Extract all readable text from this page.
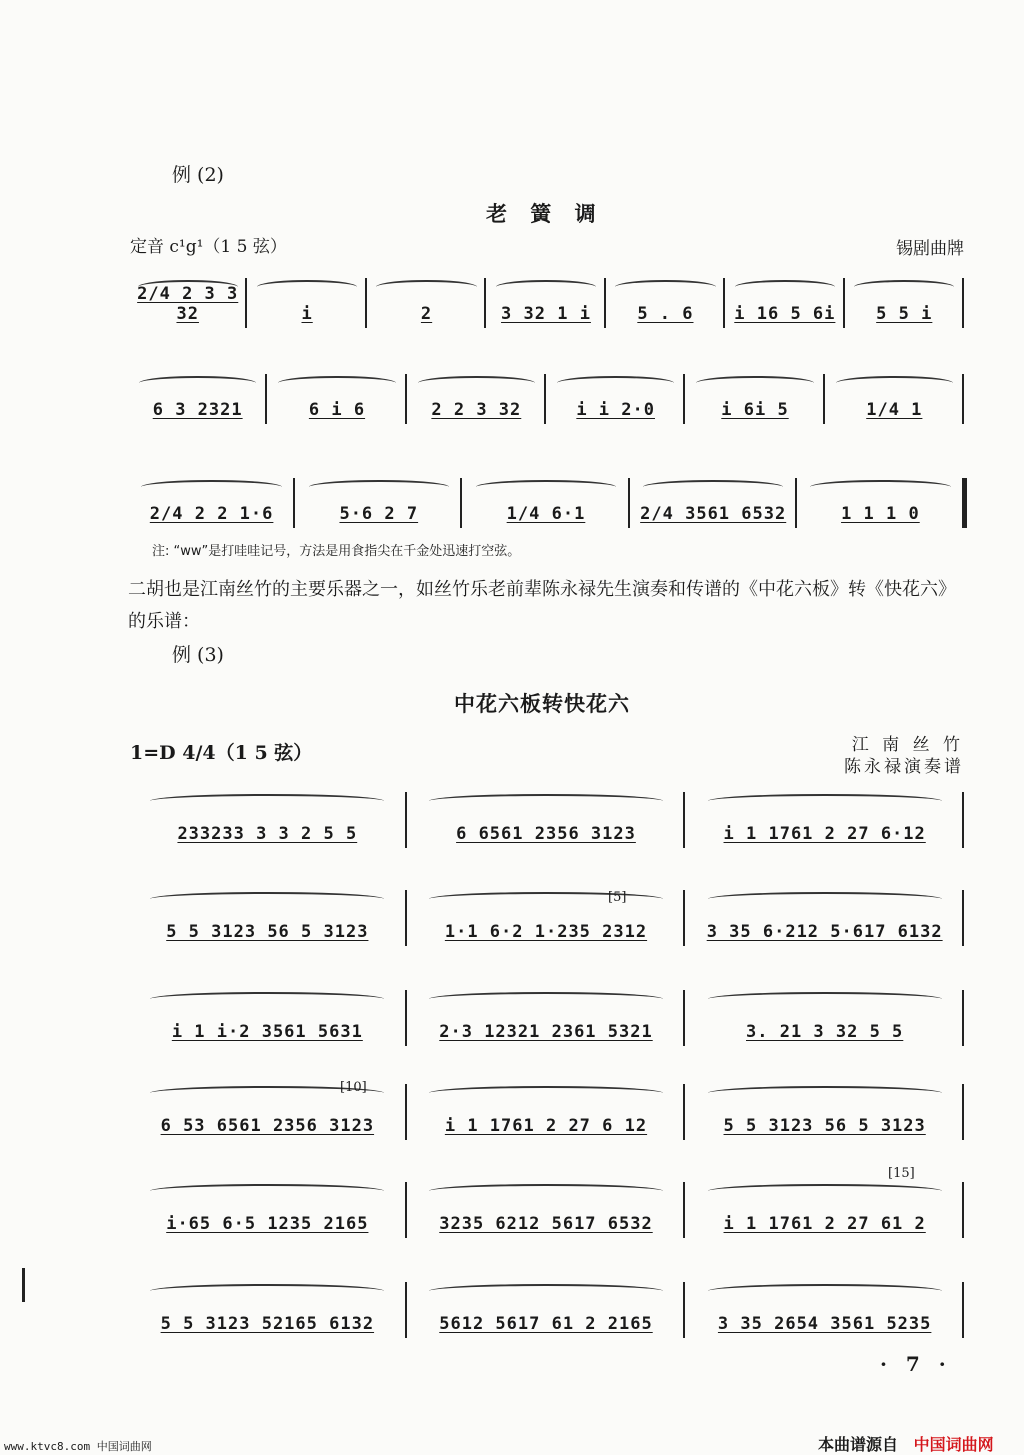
例 (2)
老 簧 调
定音 c¹g¹（1 5 弦）	锡剧曲牌
2/4 2 3 3 32	i	2	3 32 1 i	5 . 6	i 16 5 6i	5 5 i
6 3 2321	6 i 6	2 2 3 32	i i 2·0	i 6i 5	1/4 1
2/4 2 2 1·6	5·6 2 7	1/4 6·1	2/4 3561 6532	1 1 1 0
注: “ww”是打哇哇记号，方法是用食指尖在千金处迅速打空弦。
二胡也是江南丝竹的主要乐器之一，如丝竹乐老前辈陈永禄先生演奏和传谱的《中花六板》转《快花六》的乐谱：
例 (3)
中花六板转快花六
1=D 4/4（1 5 弦）	江 南 丝 竹
陈永禄演奏谱
233233 3 3 2 5 5	6 6561 2356 3123	i 1 1761 2 27 6·12
5 5 3123 56 5 3123	1·1 6·2 1·235 2312	3 35 6·212 5·617 6132
i 1 i·2 3561 5631	2·3 12321 2361 5321	3. 21 3 32 5 5
6 53 6561 2356 3123	i 1 1761 2 27 6 12	5 5 3123 56 5 3123
i·65 6·5 1235 2165	3235 6212 5617 6532	i 1 1761 2 27 61 2
5 5 3123 52165 6132	5612 5617 61 2 2165	3 35 2654 3561 5235
[5]
[10]
[15]
· 7 ·
www.ktvc8.com 中国词曲网	本曲谱源自 中国词曲网
